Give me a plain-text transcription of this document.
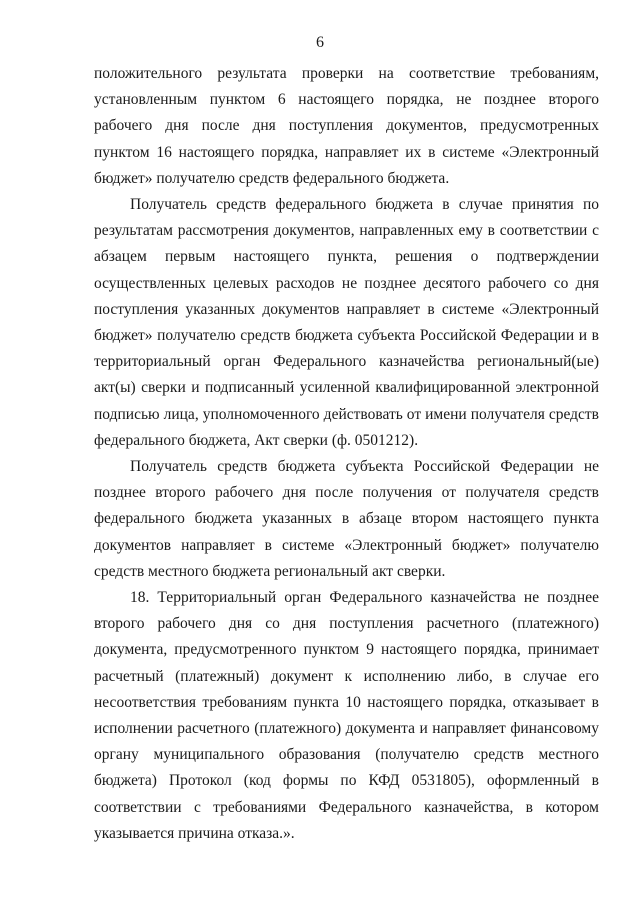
6

положительного результата проверки на соответствие требованиям, установленным пунктом 6 настоящего порядка, не позднее второго рабочего дня после дня поступления документов, предусмотренных пунктом 16 настоящего порядка, направляет их в системе «Электронный бюджет» получателю средств федерального бюджета.

Получатель средств федерального бюджета в случае принятия по результатам рассмотрения документов, направленных ему в соответствии с абзацем первым настоящего пункта, решения о подтверждении осуществленных целевых расходов не позднее десятого рабочего со дня поступления указанных документов направляет в системе «Электронный бюджет» получателю средств бюджета субъекта Российской Федерации и в территориальный орган Федерального казначейства региональный(ые) акт(ы) сверки и подписанный усиленной квалифицированной электронной подписью лица, уполномоченного действовать от имени получателя средств федерального бюджета, Акт сверки (ф. 0501212).

Получатель средств бюджета субъекта Российской Федерации не позднее второго рабочего дня после получения от получателя средств федерального бюджета указанных в абзаце втором настоящего пункта документов направляет в системе «Электронный бюджет» получателю средств местного бюджета региональный акт сверки.

18. Территориальный орган Федерального казначейства не позднее второго рабочего дня со дня поступления расчетного (платежного) документа, предусмотренного пунктом 9 настоящего порядка, принимает расчетный (платежный) документ к исполнению либо, в случае его несоответствия требованиям пункта 10 настоящего порядка, отказывает в исполнении расчетного (платежного) документа и направляет финансовому органу муниципального образования (получателю средств местного бюджета) Протокол (код формы по КФД 0531805), оформленный в соответствии с требованиями Федерального казначейства, в котором указывается причина отказа.».
